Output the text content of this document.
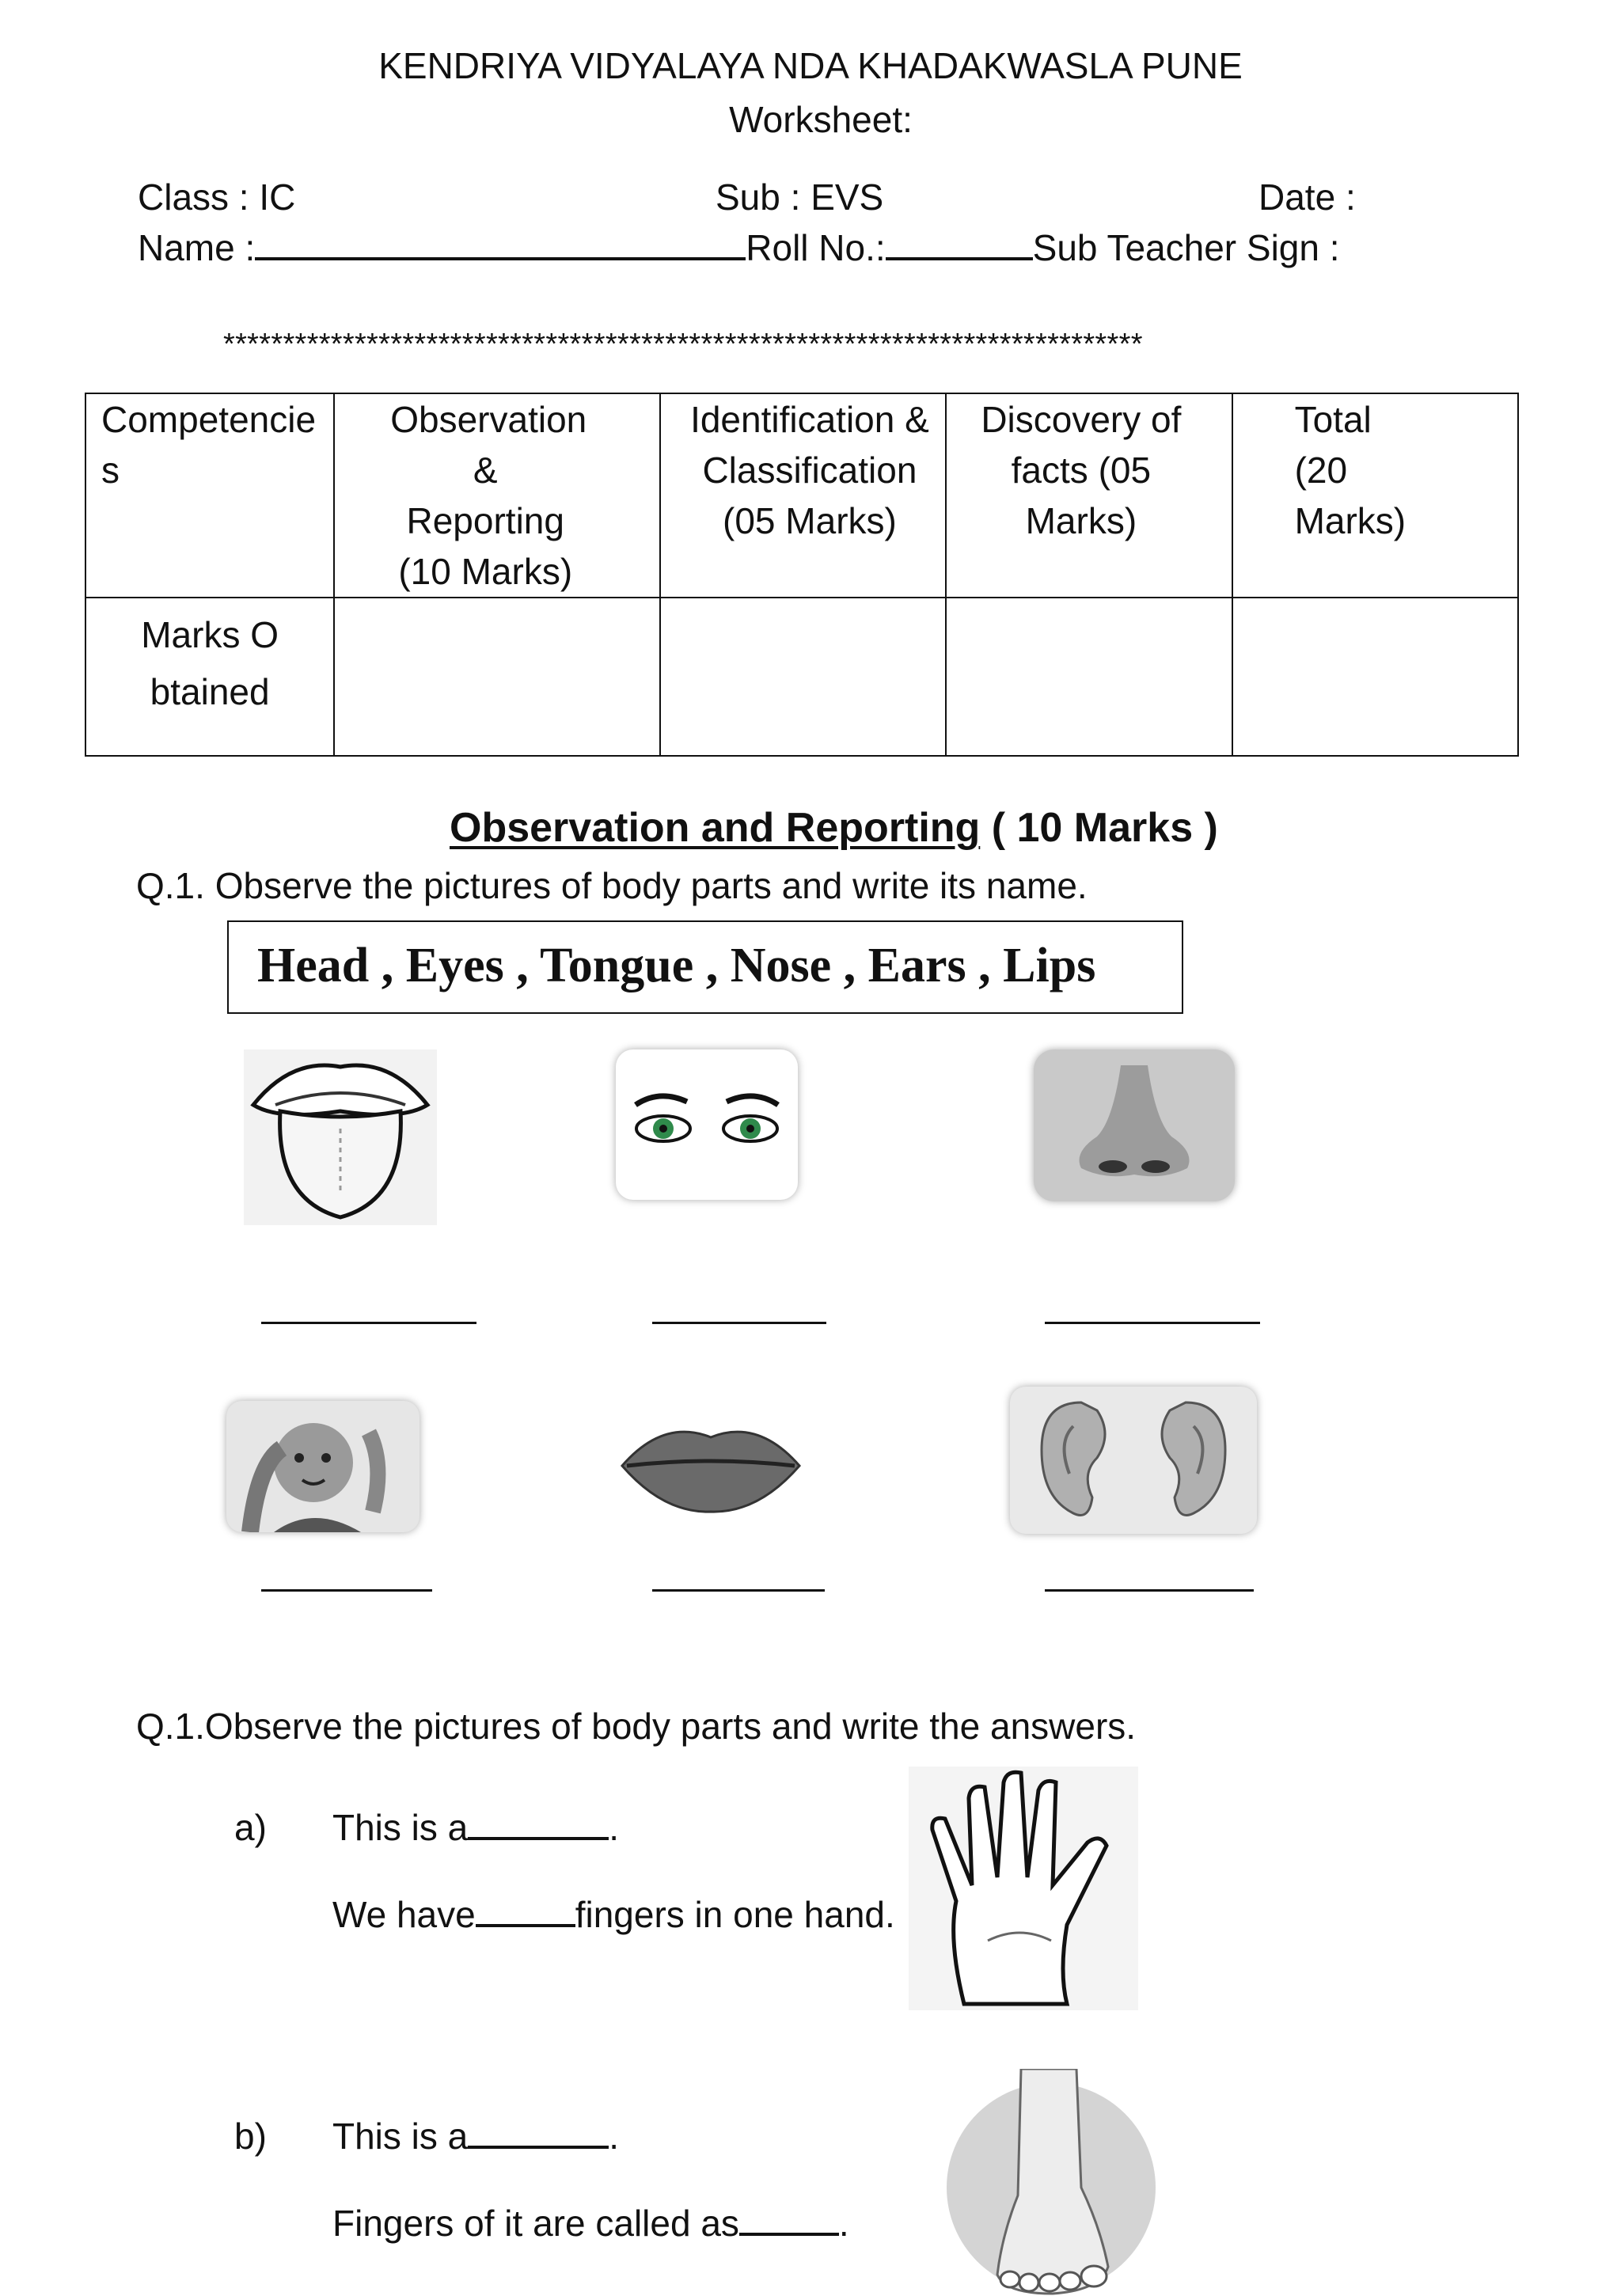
KENDRIYA VIDYALAYA NDA KHADAKWASLA PUNE
Worksheet:
Class : IC	Sub : EVS	Date :
Name :	Roll No.:	Sub Teacher Sign :
*****************************************************************************
Competencies	Observation & Reporting (10 Marks)	Identification & Classification (05 Marks)	Discovery of facts (05 Marks)	Total (20 Marks)

Marks Obtained				

Observation and Reporting ( 10 Marks )
Q.1. Observe the pictures of body parts and write its name.
Head , Eyes , Tongue , Nose , Ears , Lips
Q.1.Observe the pictures of body parts and write the answers.
a) This is a	.
We have	fingers in one hand.
b) This is a	.
Fingers of it are called as	.
